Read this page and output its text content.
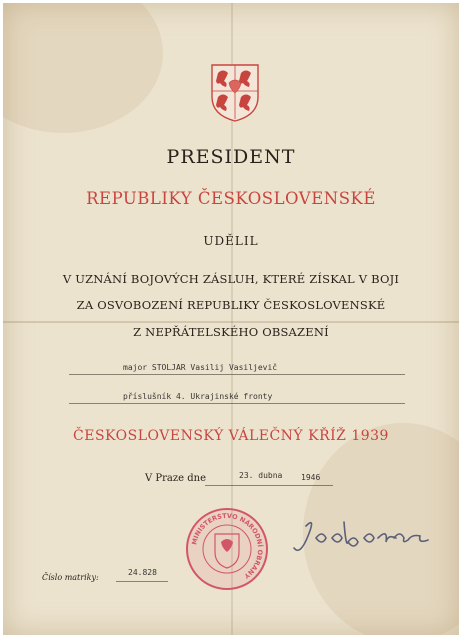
PRESIDENT
REPUBLIKY ČESKOSLOVENSKÉ
UDĚLIL
V UZNÁNÍ BOJOVÝCH ZÁSLUH, KTERÉ ZÍSKAL V BOJI
ZA OSVOBOZENÍ REPUBLIKY ČESKOSLOVENSKÉ
Z NEPŘÁTELSKÉHO OBSAZENÍ
major STOLJAR Vasilij Vasiljevič
příslušník 4. Ukrajinské fronty
ČESKOSLOVENSKÝ VÁLEČNÝ KŘÍŽ 1939
V Praze dne	23. dubna 1946
MINISTERSTVO NÁRODNÍ OBRANY
Číslo matriky:
24.828
